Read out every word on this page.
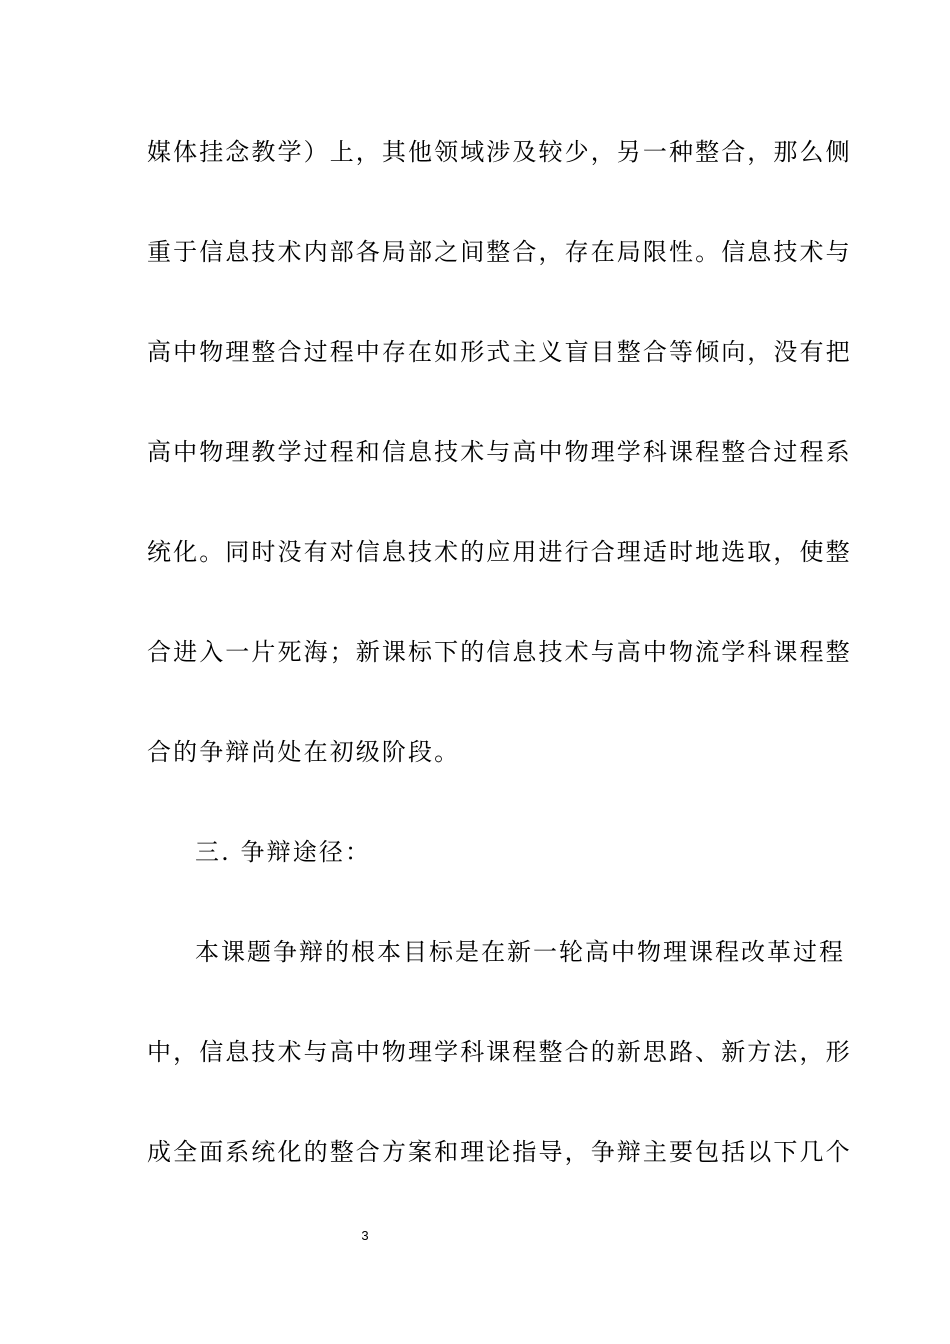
媒体挂念教学）上，其他领域涉及较少，另一种整合，那么侧
重于信息技术内部各局部之间整合，存在局限性。信息技术与
高中物理整合过程中存在如形式主义盲目整合等倾向，没有把
高中物理教学过程和信息技术与高中物理学科课程整合过程系
统化。同时没有对信息技术的应用进行合理适时地选取，使整
合进入一片死海；新课标下的信息技术与高中物流学科课程整
合的争辩尚处在初级阶段。
三. 争辩途径：
本课题争辩的根本目标是在新一轮高中物理课程改革过程
中，信息技术与高中物理学科课程整合的新思路、新方法，形
成全面系统化的整合方案和理论指导，争辩主要包括以下几个
3
